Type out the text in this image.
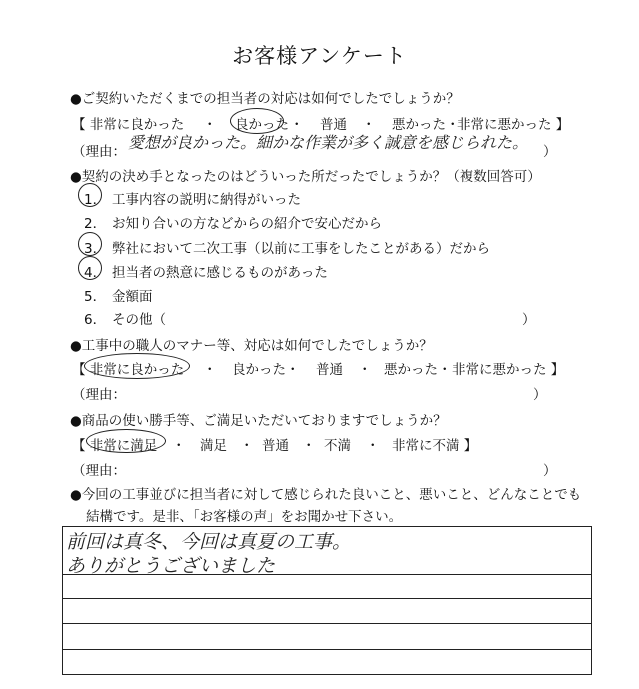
お客様アンケート
●ご契約いただくまでの担当者の対応は如何でしたでしょうか？
【 非常に良かった ・ 良かった ・ 普通 ・ 悪かった ・
非常に悪かった 】
（理由： 愛想が良かった。細かな作業が多く誠意を感じられた。 ）
●契約の決め手となったのはどういった所だったでしょうか？（複数回答可）
1． 工事内容の説明に納得がいった
2． お知り合いの方などからの紹介で安心だから
3． 弊社において二次工事（以前に工事をしたことがある）だから
4． 担当者の熱意に感じるものがあった
5． 金額面
6． その他（	）
●工事中の職人のマナー等、対応は如何でしたでしょうか？
【 非常に良かった ・ 良かった ・ 普通 ・ 悪かった ・ 非常に悪かった 】
（理由：	）
●商品の使い勝手等、ご満足いただいておりますでしょうか？
【 非常に満足 ・ 満足 ・ 普通 ・ 不満 ・ 非常に不満 】
（理由：	）
●今回の工事並びに担当者に対して感じられた良いこと、悪いこと、どんなことでも
結構です。是非、「お客様の声」をお聞かせ下さい。
前回は真冬、今回は真夏の工事。
ありがとうございました
